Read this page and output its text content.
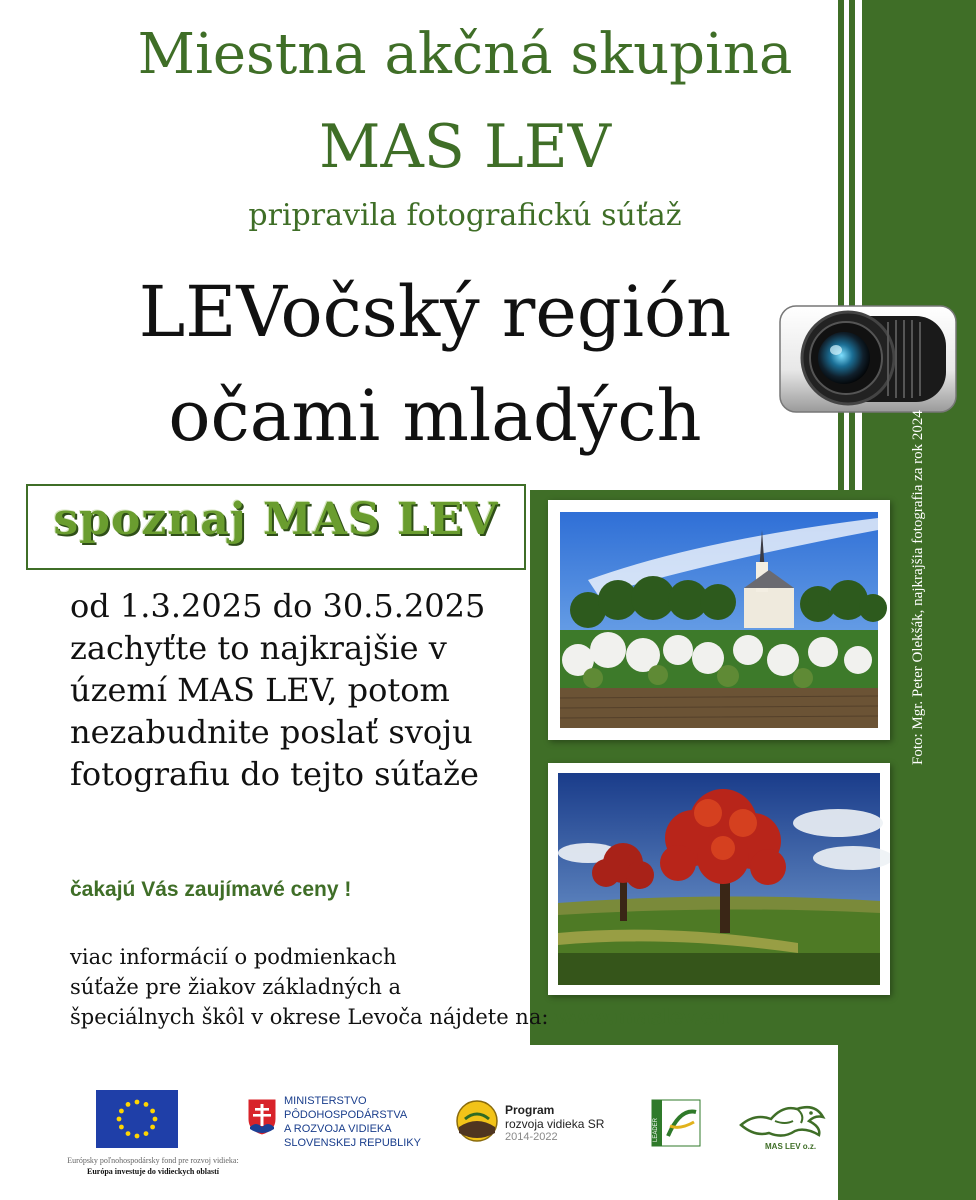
Miestna akčná skupina
MAS LEV
pripravila fotografickú súťaž
LEVočský región
očami mladých
spoznaj MAS LEV
od 1.3.2025 do 30.5.2025
zachyťte to najkrajšie v
území MAS LEV, potom
nezabudnite poslať svoju
fotografiu do tejto súťaže
čakajú Vás zaujímavé ceny !
viac informácií o podmienkach
súťaže pre žiakov základných a
špeciálnych škôl v okrese Levoča nájdete na: www.maslev.eu
Foto: Mgr. Peter Olekšák, najkrajšia fotografia za rok 2024
Európsky poľnohospodársky fond pre rozvoj vidieka:
Európa investuje do vidieckych oblastí
MINISTERSTVO
PÔDOHOSPODÁRSTVA
A ROZVOJA VIDIEKA
SLOVENSKEJ REPUBLIKY
Program
rozvoja vidieka SR
2014-2022	LEADER
MAS LEV o.z.
